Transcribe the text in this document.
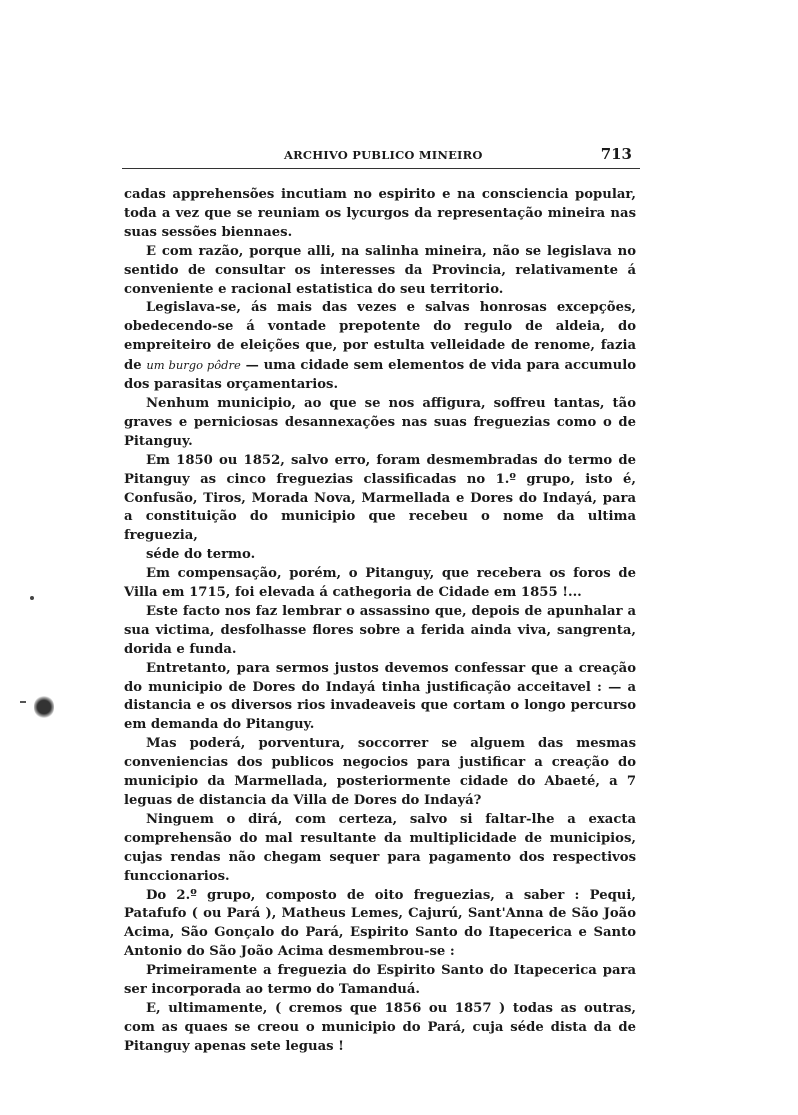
ARCHIVO PUBLICO MINEIRO	713

cadas apprehensões incutiam no espirito e na consciencia popular, toda a vez que se reuniam os lycurgos da representação mineira nas suas sessões biennaes.

E com razão, porque alli, na salinha mineira, não se legislava no sentido de consultar os interesses da Provincia, relativamente á conveniente e racional estatistica do seu territorio.

Legislava-se, ás mais das vezes e salvas honrosas excepções, obedecendo-se á vontade prepotente do regulo de aldeia, do empreiteiro de eleições que, por estulta velleidade de renome, fazia de um burgo pôdre — uma cidade sem elementos de vida para accumulo dos parasitas orçamentarios.

Nenhum municipio, ao que se nos affigura, soffreu tantas, tão graves e perniciosas desannexações nas suas freguezias como o de Pitanguy.

Em 1850 ou 1852, salvo erro, foram desmembradas do termo de Pitanguy as cinco freguezias classificadas no 1.º grupo, isto é, Confusão, Tiros, Morada Nova, Marmellada e Dores do Indayá, para a constituição do municipio que recebeu o nome da ultima freguezia,

séde do termo.

Em compensação, porém, o Pitanguy, que recebera os foros de Villa em 1715, foi elevada á cathegoria de Cidade em 1855 !...

Este facto nos faz lembrar o assassino que, depois de apunhalar a sua victima, desfolhasse flores sobre a ferida ainda viva, sangrenta, dorida e funda.

Entretanto, para sermos justos devemos confessar que a creação do municipio de Dores do Indayá tinha justificação acceitavel : — a distancia e os diversos rios invadeaveis que cortam o longo percurso em demanda do Pitanguy.

Mas poderá, porventura, soccorrer se alguem das mesmas conveniencias dos publicos negocios para justificar a creação do municipio da Marmellada, posteriormente cidade do Abaeté, a 7 leguas de distancia da Villa de Dores do Indayá?

Ninguem o dirá, com certeza, salvo si faltar-lhe a exacta comprehensão do mal resultante da multiplicidade de municipios, cujas rendas não chegam sequer para pagamento dos respectivos funccionarios.

Do 2.º grupo, composto de oito freguezias, a saber : Pequi, Patafufo ( ou Pará ), Matheus Lemes, Cajurú, Sant'Anna de São João Acima, São Gonçalo do Pará, Espirito Santo do Itapecerica e Santo Antonio do São João Acima desmembrou-se :

Primeiramente a freguezia do Espirito Santo do Itapecerica para ser incorporada ao termo do Tamanduá.

E, ultimamente, ( cremos que 1856 ou 1857 ) todas as outras, com as quaes se creou o municipio do Pará, cuja séde dista da de Pitanguy apenas sete leguas !
